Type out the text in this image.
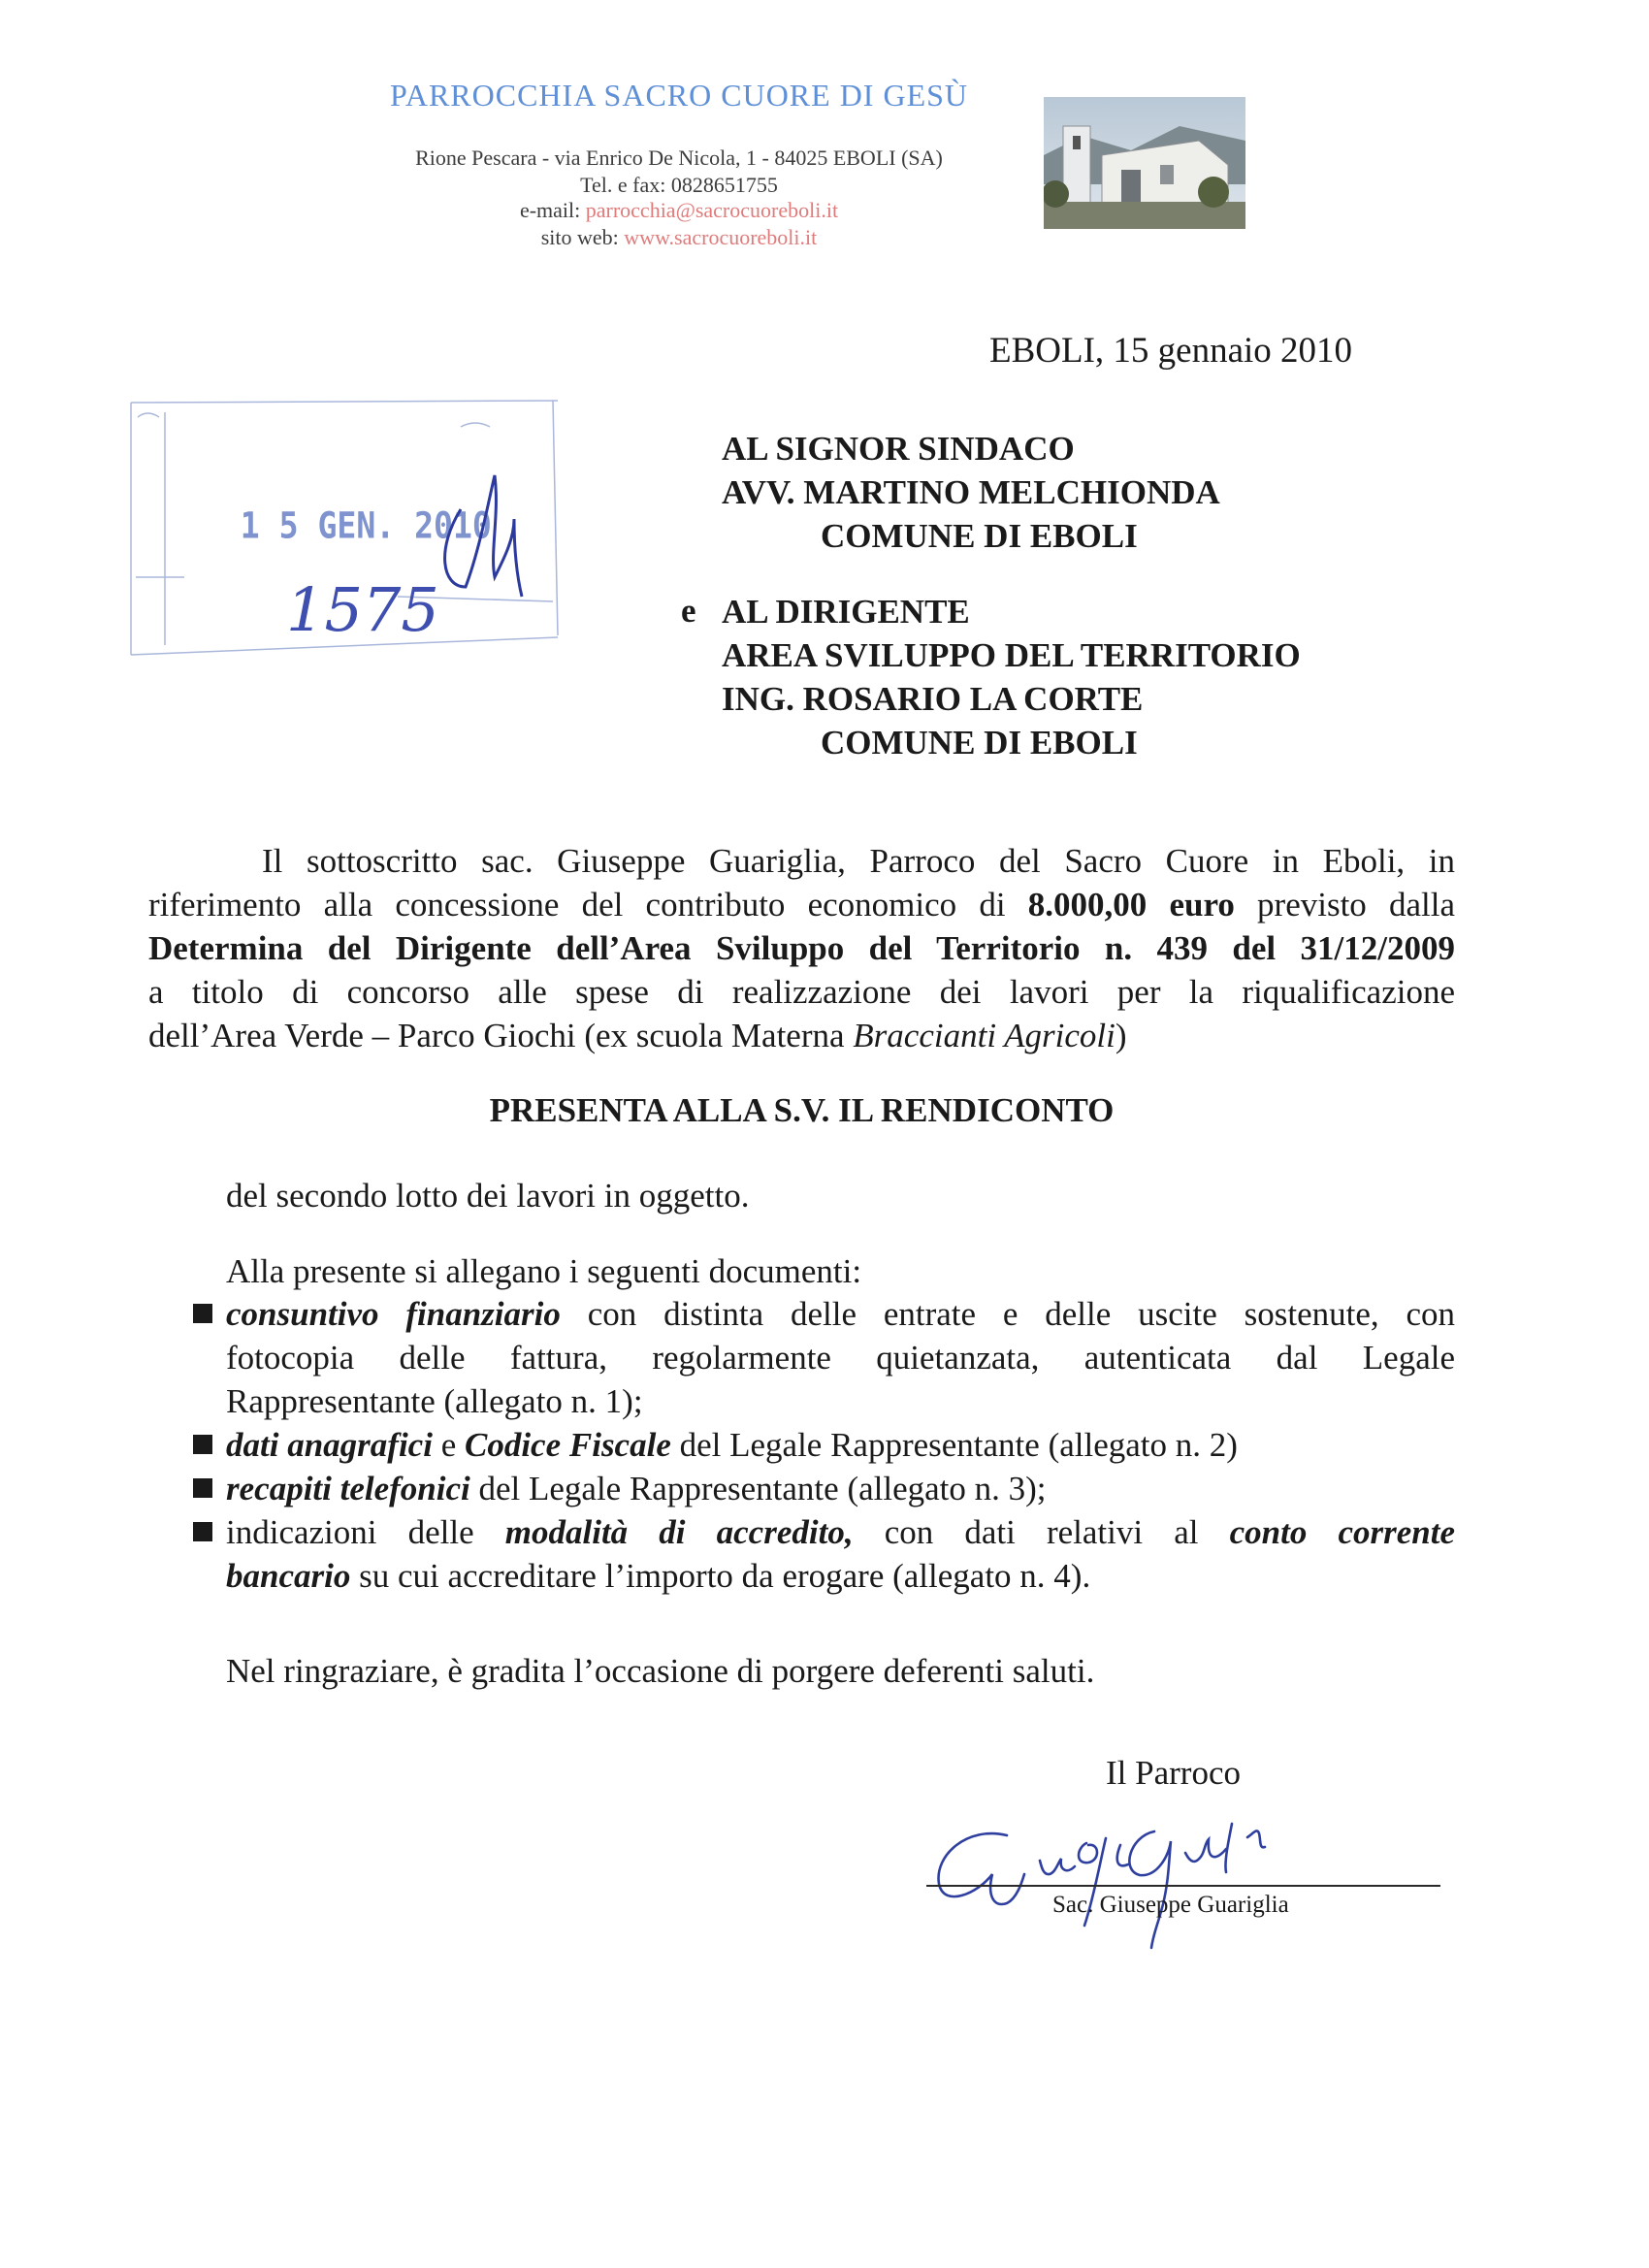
PARROCCHIA SACRO CUORE DI GESÙ
Rione Pescara - via Enrico De Nicola, 1 - 84025 EBOLI (SA)
Tel. e fax: 0828651755
e-mail: parrocchia@sacrocuoreboli.it
sito web: www.sacrocuoreboli.it
EBOLI, 15 gennaio 2010
1 5 GEN. 2010
1575
AL SIGNOR SINDACO
AVV. MARTINO MELCHIONDA
COMUNE DI EBOLI
e AL DIRIGENTE
AREA SVILUPPO DEL TERRITORIO
ING. ROSARIO LA CORTE
COMUNE DI EBOLI
Il sottoscritto sac. Giuseppe Guariglia, Parroco del Sacro Cuore in Eboli, in
riferimento alla concessione del contributo economico di 8.000,00 euro previsto dalla
Determina del Dirigente dell’Area Sviluppo del Territorio n. 439 del 31/12/2009
a titolo di concorso alle spese di realizzazione dei lavori per la riqualificazione
dell’Area Verde – Parco Giochi (ex scuola Materna Braccianti Agricoli)
PRESENTA ALLA S.V. IL RENDICONTO
del secondo lotto dei lavori in oggetto.
Alla presente si allegano i seguenti documenti:
consuntivo finanziario con distinta delle entrate e delle uscite sostenute, con
fotocopia delle fattura, regolarmente quietanzata, autenticata dal Legale
Rappresentante (allegato n. 1);
dati anagrafici e Codice Fiscale del Legale Rappresentante (allegato n. 2)
recapiti telefonici del Legale Rappresentante (allegato n. 3);
indicazioni delle modalità di accredito, con dati relativi al conto corrente
bancario su cui accreditare l’importo da erogare (allegato n. 4).
Nel ringraziare, è gradita l’occasione di porgere deferenti saluti.
Il Parroco
Sac. Giuseppe Guariglia
